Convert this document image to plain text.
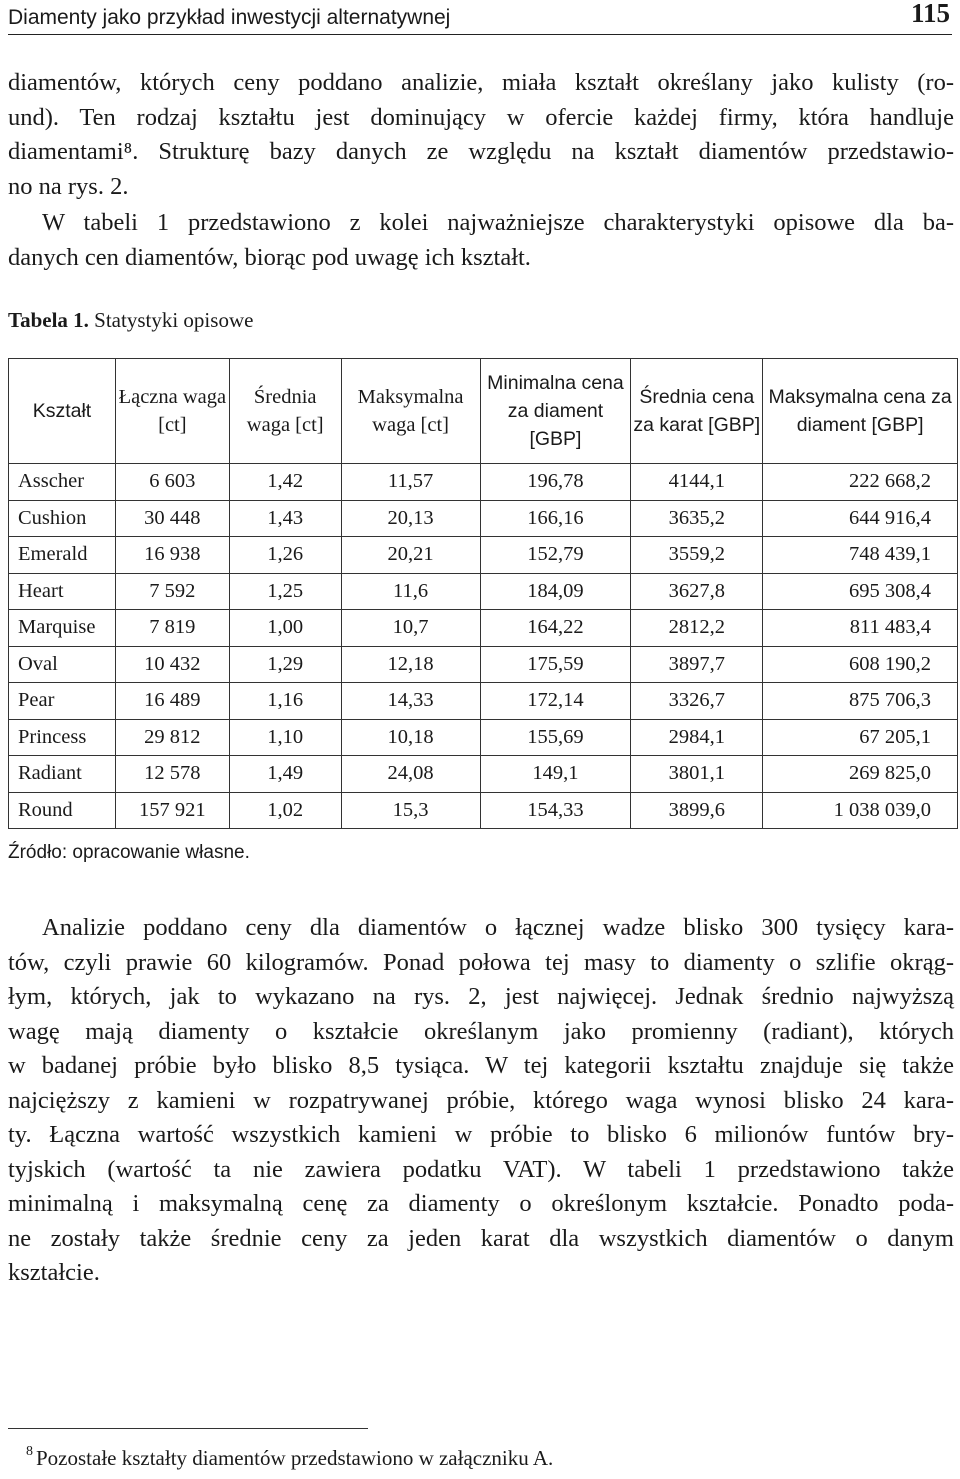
Diamenty jako przykład inwestycji alternatywnej	115

diamentów, których ceny poddano analizie, miała kształt określany jako kulisty (ro-
und). Ten rodzaj kształtu jest dominujący w ofercie każdej firmy, która handluje
diamentami⁸. Strukturę bazy danych ze względu na kształt diamentów przedstawio-
no na rys. 2.

W tabeli 1 przedstawiono z kolei najważniejsze charakterystyki opisowe dla ba-
danych cen diamentów, biorąc pod uwagę ich kształt.

Tabela 1. Statystyki opisowe
Kształt	Łączna waga [ct]	Średnia waga [ct]	Maksymalna waga [ct]	Minimalna cena za diament [GBP]	Średnia cena za karat [GBP]	Maksymalna cena za diament [GBP]
Asscher	6 603	1,42	11,57	196,78	4144,1	222 668,2
Cushion	30 448	1,43	20,13	166,16	3635,2	644 916,4
Emerald	16 938	1,26	20,21	152,79	3559,2	748 439,1
Heart	7 592	1,25	11,6	184,09	3627,8	695 308,4
Marquise	7 819	1,00	10,7	164,22	2812,2	811 483,4
Oval	10 432	1,29	12,18	175,59	3897,7	608 190,2
Pear	16 489	1,16	14,33	172,14	3326,7	875 706,3
Princess	29 812	1,10	10,18	155,69	2984,1	67 205,1
Radiant	12 578	1,49	24,08	149,1	3801,1	269 825,0
Round	157 921	1,02	15,3	154,33	3899,6	1 038 039,0
Źródło: opracowanie własne.

Analizie poddano ceny dla diamentów o łącznej wadze blisko 300 tysięcy kara-
tów, czyli prawie 60 kilogramów. Ponad połowa tej masy to diamenty o szlifie okrąg-
łym, których, jak to wykazano na rys. 2, jest najwięcej. Jednak średnio najwyższą
wagę mają diamenty o kształcie określanym jako promienny (radiant), których
w badanej próbie było blisko 8,5 tysiąca. W tej kategorii kształtu znajduje się także
najcięższy z kamieni w rozpatrywanej próbie, którego waga wynosi blisko 24 kara-
ty. Łączna wartość wszystkich kamieni w próbie to blisko 6 milionów funtów bry-
tyjskich (wartość ta nie zawiera podatku VAT). W tabeli 1 przedstawiono także
minimalną i maksymalną cenę za diamenty o określonym kształcie. Ponadto poda-
ne zostały także średnie ceny za jeden karat dla wszystkich diamentów o danym
kształcie.

8 Pozostałe kształty diamentów przedstawiono w załączniku A.
